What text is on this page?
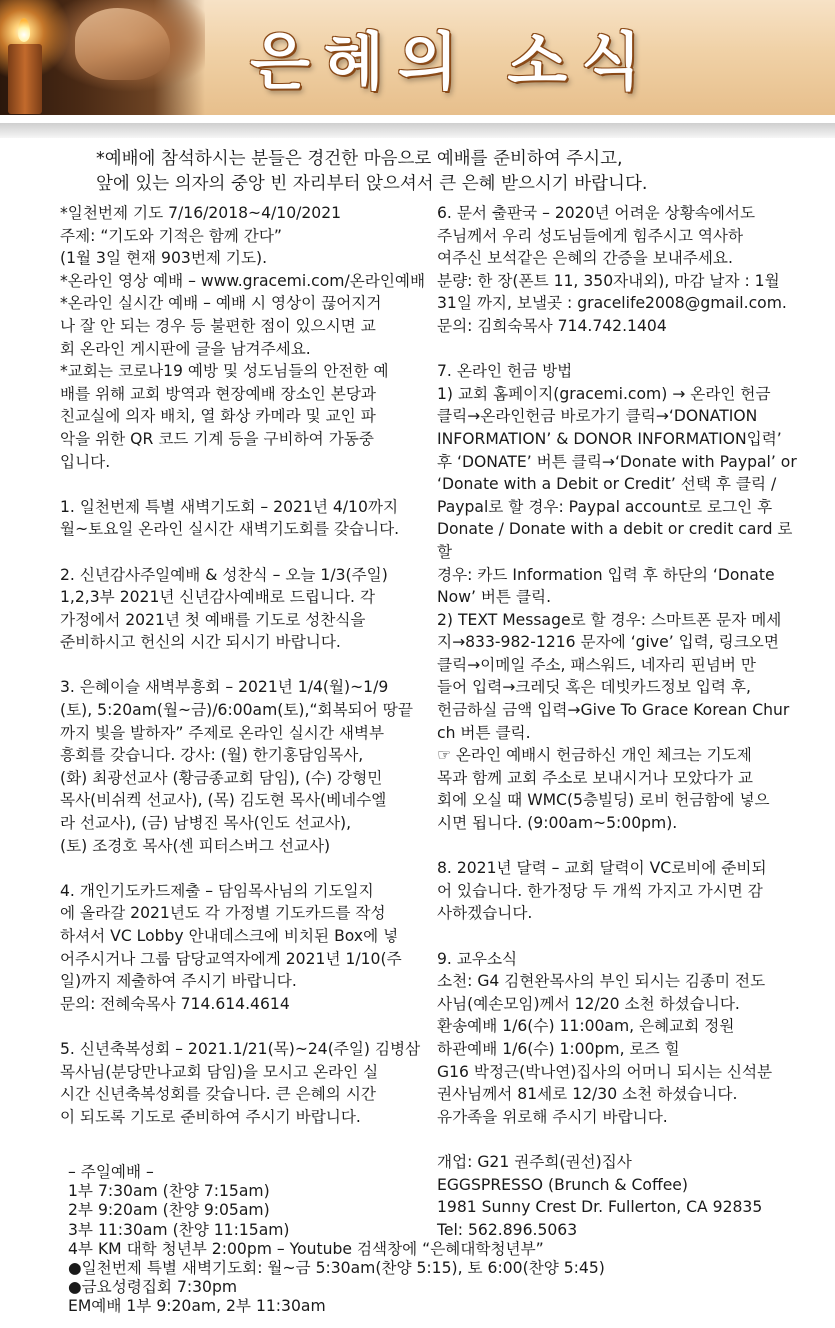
은혜의 소식
*예배에 참석하시는 분들은 경건한 마음으로 예배를 준비하여 주시고,
앞에 있는 의자의 중앙 빈 자리부터 앉으셔서 큰 은혜 받으시기 바랍니다.

*일천번제 기도 7/16/2018~4/10/2021
주제: “기도와 기적은 함께 간다”
(1월 3일 현재 903번제 기도).
*온라인 영상 예배 – www.gracemi.com/온라인예배
*온라인 실시간 예배 – 예배 시 영상이 끊어지거
나 잘 안 되는 경우 등 불편한 점이 있으시면 교
회 온라인 게시판에 글을 남겨주세요.
*교회는 코로나19 예방 및 성도님들의 안전한 예
배를 위해 교회 방역과 현장예배 장소인 본당과
친교실에 의자 배치, 열 화상 카메라 및 교인 파
악을 위한 QR 코드 기계 등을 구비하여 가동중
입니다.

1. 일천번제 특별 새벽기도회 – 2021년 4/10까지
월~토요일 온라인 실시간 새벽기도회를 갖습니다.

2. 신년감사주일예배 & 성찬식 – 오늘 1/3(주일)
1,2,3부 2021년 신년감사예배로 드립니다. 각
가정에서 2021년 첫 예배를 기도로 성찬식을
준비하시고 헌신의 시간 되시기 바랍니다.

3. 은혜이슬 새벽부흥회 – 2021년 1/4(월)~1/9
(토), 5:20am(월~금)/6:00am(토),“회복되어 땅끝
까지 빛을 발하자” 주제로 온라인 실시간 새벽부
흥회를 갖습니다. 강사: (월) 한기홍담임목사,
(화) 최광선교사 (황금종교회 담임), (수) 강형민
목사(비쉬켁 선교사), (목) 김도현 목사(베네수엘
라 선교사), (금) 남병진 목사(인도 선교사),
(토) 조경호 목사(센 피터스버그 선교사)

4. 개인기도카드제출 – 담임목사님의 기도일지
에 올라갈 2021년도 각 가정별 기도카드를 작성
하셔서 VC Lobby 안내데스크에 비치된 Box에 넣
어주시거나 그룹 담당교역자에게 2021년 1/10(주
일)까지 제출하여 주시기 바랍니다.
문의: 전혜숙목사 714.614.4614

5. 신년축복성회 – 2021.1/21(목)~24(주일) 김병삼
목사님(분당만나교회 담임)을 모시고 온라인 실
시간 신년축복성회를 갖습니다. 큰 은혜의 시간
이 되도록 기도로 준비하여 주시기 바랍니다.

6. 문서 출판국 – 2020년 어려운 상황속에서도
주님께서 우리 성도님들에게 힘주시고 역사하
여주신 보석같은 은혜의 간증을 보내주세요.
분량: 한 장(폰트 11, 350자내외), 마감 날자 : 1월
31일 까지, 보낼곳 : gracelife2008@gmail.com.
문의: 김희숙목사 714.742.1404

7. 온라인 헌금 방법
1) 교회 홈페이지(gracemi.com) → 온라인 헌금
클릭→온라인헌금 바로가기 클릭→‘DONATION
INFORMATION’ & DONOR INFORMATION입력’
후 ‘DONATE’ 버튼 클릭→‘Donate with Paypal’ or
‘Donate with a Debit or Credit’ 선택 후 클릭 /
Paypal로 할 경우: Paypal account로 로그인 후
Donate / Donate with a debit or credit card 로 할
경우: 카드 Information 입력 후 하단의 ‘Donate
Now’ 버튼 클릭.
2) TEXT Message로 할 경우: 스마트폰 문자 메세
지→833-982-1216 문자에 ‘give’ 입력, 링크오면
클릭→이메일 주소, 패스워드, 네자리 핀넘버 만
들어 입력→크레딧 혹은 데빗카드정보 입력 후,
헌금하실 금액 입력→Give To Grace Korean Chur
ch 버튼 클릭.
☞ 온라인 예배시 헌금하신 개인 체크는 기도제
목과 함께 교회 주소로 보내시거나 모았다가 교
회에 오실 때 WMC(5층빌딩) 로비 헌금함에 넣으
시면 됩니다. (9:00am~5:00pm).

8. 2021년 달력 – 교회 달력이 VC로비에 준비되
어 있습니다. 한가정당 두 개씩 가지고 가시면 감
사하겠습니다.

9. 교우소식
소천: G4 김현완목사의 부인 되시는 김종미 전도
사님(예손모임)께서 12/20 소천 하셨습니다.
환송예배 1/6(수) 11:00am, 은혜교회 정원
하관예배 1/6(수) 1:00pm, 로즈 힐
G16 박정근(박나연)집사의 어머니 되시는 신석분
권사님께서 81세로 12/30 소천 하셨습니다.
유가족을 위로해 주시기 바랍니다.

개업: G21 권주희(권선)집사
EGGSPRESSO (Brunch & Coffee)
1981 Sunny Crest Dr. Fullerton, CA 92835
Tel: 562.896.5063

– 주일예배 –
1부 7:30am (찬양 7:15am)
2부 9:20am (찬양 9:05am)
3부 11:30am (찬양 11:15am)
4부 KM 대학 청년부 2:00pm – Youtube 검색창에 “은혜대학청년부”
●일천번제 특별 새벽기도회: 월~금 5:30am(찬양 5:15), 토 6:00(찬양 5:45)
●금요성령집회 7:30pm
EM예배 1부 9:20am, 2부 11:30am
